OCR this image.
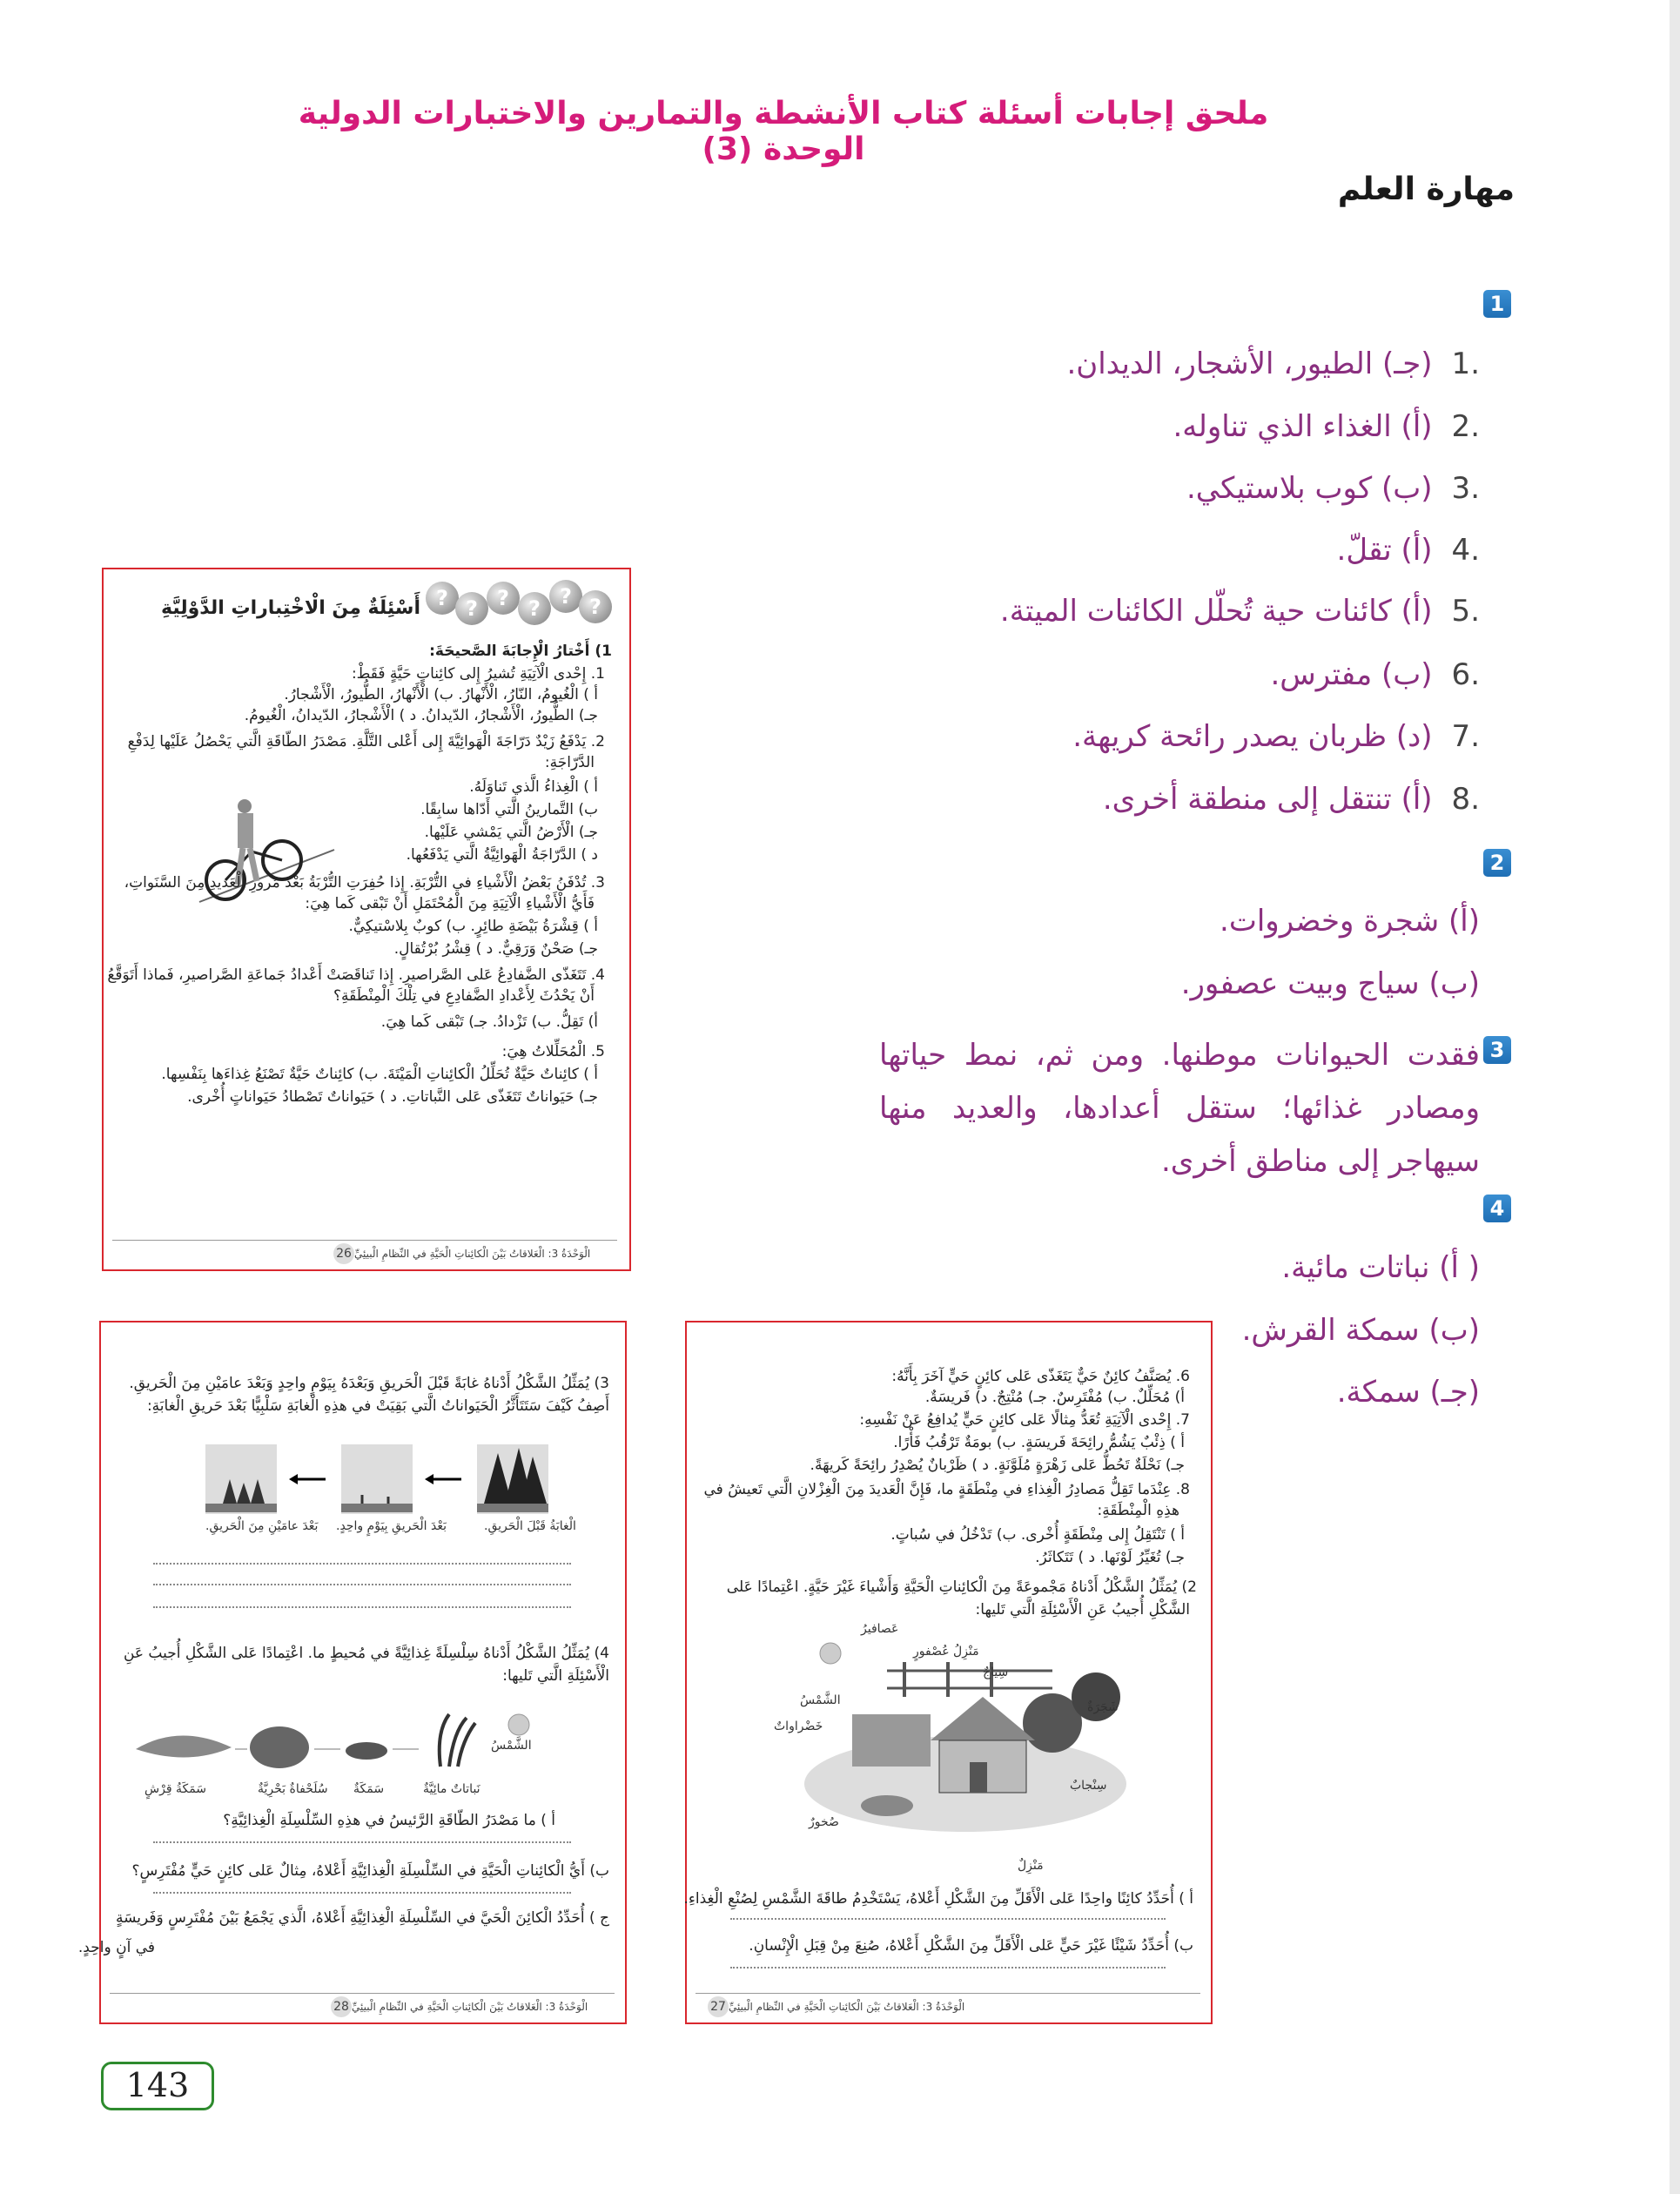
ملحق إجابات أسئلة كتاب الأنشطة والتمارين والاختبارات الدولية الوحدة (3)
مهارة العلم
1
.1(جـ) الطيور، الأشجار، الديدان.
.2(أ) الغذاء الذي تناوله.
.3(ب) كوب بلاستيكي.
.4(أ) تقلّ.
.5(أ) كائنات حية تُحلّل الكائنات الميتة.
.6(ب) مفترس.
.7(د) ظربان يصدر رائحة كريهة.
.8(أ) تنتقل إلى منطقة أخرى.
2
(أ) شجرة وخضروات.
(ب) سياج وبيت عصفور.
3
فقدت الحيوانات موطنها. ومن ثم، نمط حياتها ومصادر غذائها؛ ستقل أعدادها، والعديد منها سيهاجر إلى مناطق أخرى.
4
( أ) نباتات مائية.
(ب) سمكة القرش.
(جـ) سمكة.
? ? ? ? ? ?
أَسْئِلَةٌ مِنَ الْاخْتِباراتِ الدَّوْلِيَّةِ
1) أَخْتارُ الْإِجابَةَ الصَّحيحَةَ:
1. إِحْدى الْآتِيَةِ تُشيرُ إِلى كائِناتٍ حَيَّةٍ فَقَطْ:
أ ) الْغُيومُ، النّارُ، الْأَنْهارُ. ب) الْأَنْهارُ، الطُّيورُ، الْأَشْجارُ.
جـ) الطُّيورُ، الْأَشْجارُ، الدّيدانُ. د ) الْأَشْجارُ، الدّيدانُ، الْغُيومُ.
2. يَدْفَعُ زَيْدٌ دَرّاجَةَ الْهَوائِيَّةَ إِلى أَعْلى التَّلَّةِ. مَصْدَرُ الطّاقَةِ الَّتي يَحْصُلُ عَلَيْها لِدَفْعِ
الدَّرّاجَةِ:
أ ) الْغِذاءُ الَّذي تَناوَلَهُ.
ب) التَّمارينُ الَّتي أَدّاها سابِقًا.
جـ) الْأَرْضُ الَّتي يَمْشي عَلَيْها.
د ) الدَّرّاجَةُ الْهَوائِيَّةُ الَّتي يَدْفَعُها.
3. تُدْفَنُ بَعْضُ الْأَشْياءِ في التُّرْبَةِ. إِذا حُفِرَتِ التُّرْبَةُ بَعْدَ مُرورِ الْعَديدِ مِنَ السَّنَواتِ،
فَأَيُّ الْأَشْياءِ الْآتِيَةِ مِنَ الْمُحْتَمَلِ أَنْ تَبْقى كَما هِيَ:
أ ) قِشْرَةُ بَيْضَةِ طائِرٍ. ب) كوبٌ بِلاسْتيكِيٌّ.
جـ) صَحْنٌ وَرَقِيٌّ. د ) قِشْرُ بُرْتُقالٍ.
4. تَتَغَذّى الضَّفادِعُ عَلى الصَّراصيرِ. إِذا تَناقَصَتْ أَعْدادُ جَماعَةِ الصَّراصيرِ، فَماذا أَتَوَقَّعُ
أَنْ يَحْدُثَ لِأَعْدادِ الضَّفادِعِ في تِلْكَ الْمِنْطَقَةِ؟
أ) تَقِلُّ. ب) تَزْدادُ. جـ) تَبْقى كَما هِيَ.
5. الْمُحَلِّلاتُ هِيَ:
أ ) كائِناتٌ حَيَّةٌ تُحَلِّلُ الْكائِناتِ الْمَيْتَةَ. ب) كائِناتٌ حَيَّةٌ تَصْنَعُ غِذاءَها بِنَفْسِها.
جـ) حَيَواناتٌ تَتَغَذّى عَلى النَّباتاتِ. د ) حَيَواناتٌ تَصْطادُ حَيَواناتٍ أُخْرى.
الْوَحْدَةُ 3: الْعَلاقاتُ بَيْنَ الْكائِناتِ الْحَيَّةِ في النِّظامِ الْبيئِيِّ26
3) يُمَثِّلُ الشَّكْلُ أَدْناهُ غابَةً قَبْلَ الْحَريقِ وَبَعْدَهُ بِيَوْمٍ واحِدٍ وَبَعْدَ عامَيْنِ مِنَ الْحَريقِ.
أَصِفُ كَيْفَ سَتَتَأَثَّرُ الْحَيَواناتُ الَّتي بَقِيَتْ في هذِهِ الْغابَةِ سَلْبِيًّا بَعْدَ حَريقِ الْغابَةِ:
الْغابَةُ قَبْلَ الْحَريقِ.
بَعْدَ الْحَريقِ بِيَوْمٍ واحِدٍ.
بَعْدَ عامَيْنِ مِنَ الْحَريقِ.
4) يُمَثِّلُ الشَّكْلُ أَدْناهُ سِلْسِلَةً غِذائِيَّةً في مُحيطٍ ما. اعْتِمادًا عَلى الشَّكْلِ أُجيبُ عَنِ
الْأَسْئِلَةِ الَّتي تَليها:
الشَّمْسُ
نَباتاتٌ مائِيَّةٌ
سَمَكَةٌ
سُلَحْفاةٌ بَحْرِيَّةٌ
سَمَكَةُ قِرْشٍ
أ ) ما مَصْدَرُ الطّاقَةِ الرَّئيسُ في هذِهِ السِّلْسِلَةِ الْغِذائِيَّةِ؟
ب) أَيُّ الْكائِناتِ الْحَيَّةِ في السِّلْسِلَةِ الْغِذائِيَّةِ أَعْلاهُ، مِثالٌ عَلى كائِنٍ حَيٍّ مُفْتَرِسٍ؟
ج ) أُحَدِّدُ الْكائِنَ الْحَيَّ في السِّلْسِلَةِ الْغِذائِيَّةِ أَعْلاهُ، الَّذي يَجْمَعُ بَيْنَ مُفْتَرِسٍ وَفَريسَةٍ
في آنٍ واحِدٍ.
الْوَحْدَةُ 3: الْعَلاقاتُ بَيْنَ الْكائِناتِ الْحَيَّةِ في النِّظامِ الْبيئِيِّ28
6. يُصَنَّفُ كائِنٌ حَيٌّ يَتَغَذّى عَلى كائِنٍ حَيٍّ آخَرَ بِأَنَّهُ:
أ) مُحَلِّلٌ. ب) مُفْتَرِسٌ. جـ) مُنْتِجٌ. د) فَريسَةٌ.
7. إِحْدى الْآتِيَةِ تُعَدُّ مِثالًا عَلى كائِنٍ حَيٍّ يُدافِعُ عَنْ نَفْسِهِ:
أ ) ذِئْبٌ يَشُمُّ رائِحَةَ فَريسَةٍ. ب) بومَةٌ تَرْقُبُ فَأْرًا.
جـ) نَحْلَةٌ تَحُطُّ عَلى زَهْرَةٍ مُلَوَّنَةٍ. د ) ظَرْبانٌ يُصْدِرُ رائِحَةً كَريهَةً.
8. عِنْدَما تَقِلُّ مَصادِرُ الْغِذاءِ في مِنْطَقَةٍ ما، فَإِنَّ الْعَديدَ مِنَ الْغِزْلانِ الَّتي تَعيشُ في
هذِهِ الْمِنْطَقَةِ:
أ ) تَنْتَقِلُ إِلى مِنْطَقَةٍ أُخْرى. ب) تَدْخُلُ في سُباتٍ.
جـ) تُغَيِّرُ لَوْنَها. د ) تَتَكاثَرُ.
2) يُمَثِّلُ الشَّكْلُ أَدْناهُ مَجْموعَةً مِنَ الْكائِناتِ الْحَيَّةِ وَأَشْياءَ غَيْرَ حَيَّةٍ. اعْتِمادًا عَلى
الشَّكْلِ أُجيبُ عَنِ الْأَسْئِلَةِ الَّتي تَليها:
عَصافيرُ
مَنْزِلُ عُصْفورٍ
سِياجٌ
الشَّمْسُ	شَجَرَةٌ
خَضْراواتٌ
سِنْجابٌ
صُخورٌ
مَنْزِلٌ
أ ) أُحَدِّدُ كائِنًا واحِدًا عَلى الْأَقَلِّ مِنَ الشَّكْلِ أَعْلاهُ، يَسْتَخْدِمُ طاقَةَ الشَّمْسِ لِصُنْعِ الْغِذاءِ.
ب) أُحَدِّدُ شَيْئًا غَيْرَ حَيٍّ عَلى الْأَقَلِّ مِنَ الشَّكْلِ أَعْلاهُ، صُنِعَ مِنْ قِبَلِ الْإِنْسانِ.
الْوَحْدَةُ 3: الْعَلاقاتُ بَيْنَ الْكائِناتِ الْحَيَّةِ في النِّظامِ الْبيئِيِّ27
143
